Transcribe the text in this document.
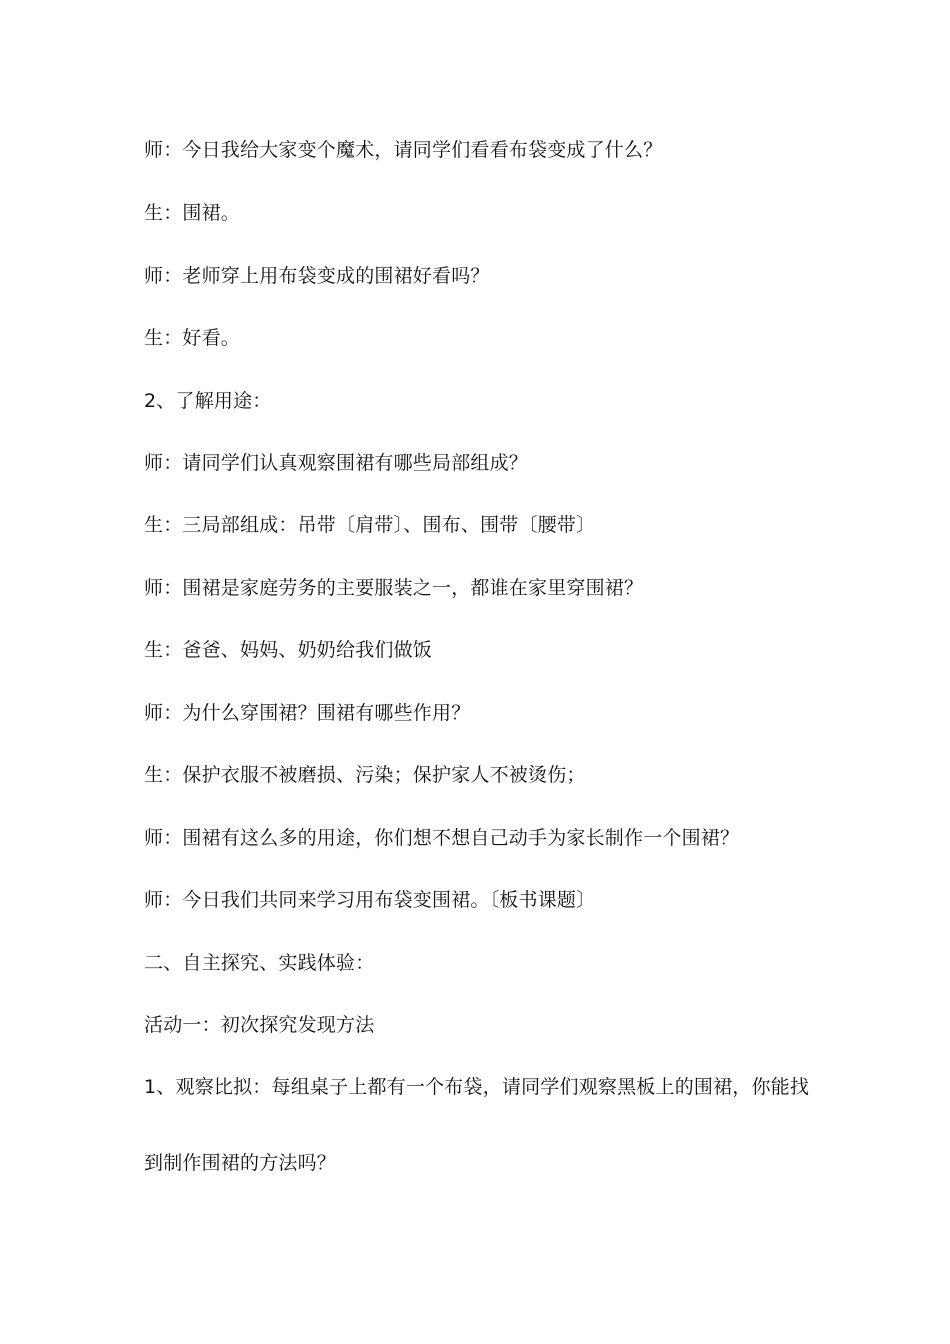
师：今日我给大家变个魔术，请同学们看看布袋变成了什么？
生：围裙。
师：老师穿上用布袋变成的围裙好看吗？
生：好看。
2、了解用途：
师：请同学们认真观察围裙有哪些局部组成？
生：三局部组成：吊带〔肩带〕、围布、围带〔腰带〕
师：围裙是家庭劳务的主要服装之一，都谁在家里穿围裙？
生：爸爸、妈妈、奶奶给我们做饭
师：为什么穿围裙？围裙有哪些作用？
生：保护衣服不被磨损、污染；保护家人不被烫伤；
师：围裙有这么多的用途，你们想不想自己动手为家长制作一个围裙？
师：今日我们共同来学习用布袋变围裙。〔板书课题〕
二、自主探究、实践体验：
活动一：初次探究发现方法
1、观察比拟：每组桌子上都有一个布袋，请同学们观察黑板上的围裙，你能找
到制作围裙的方法吗？
